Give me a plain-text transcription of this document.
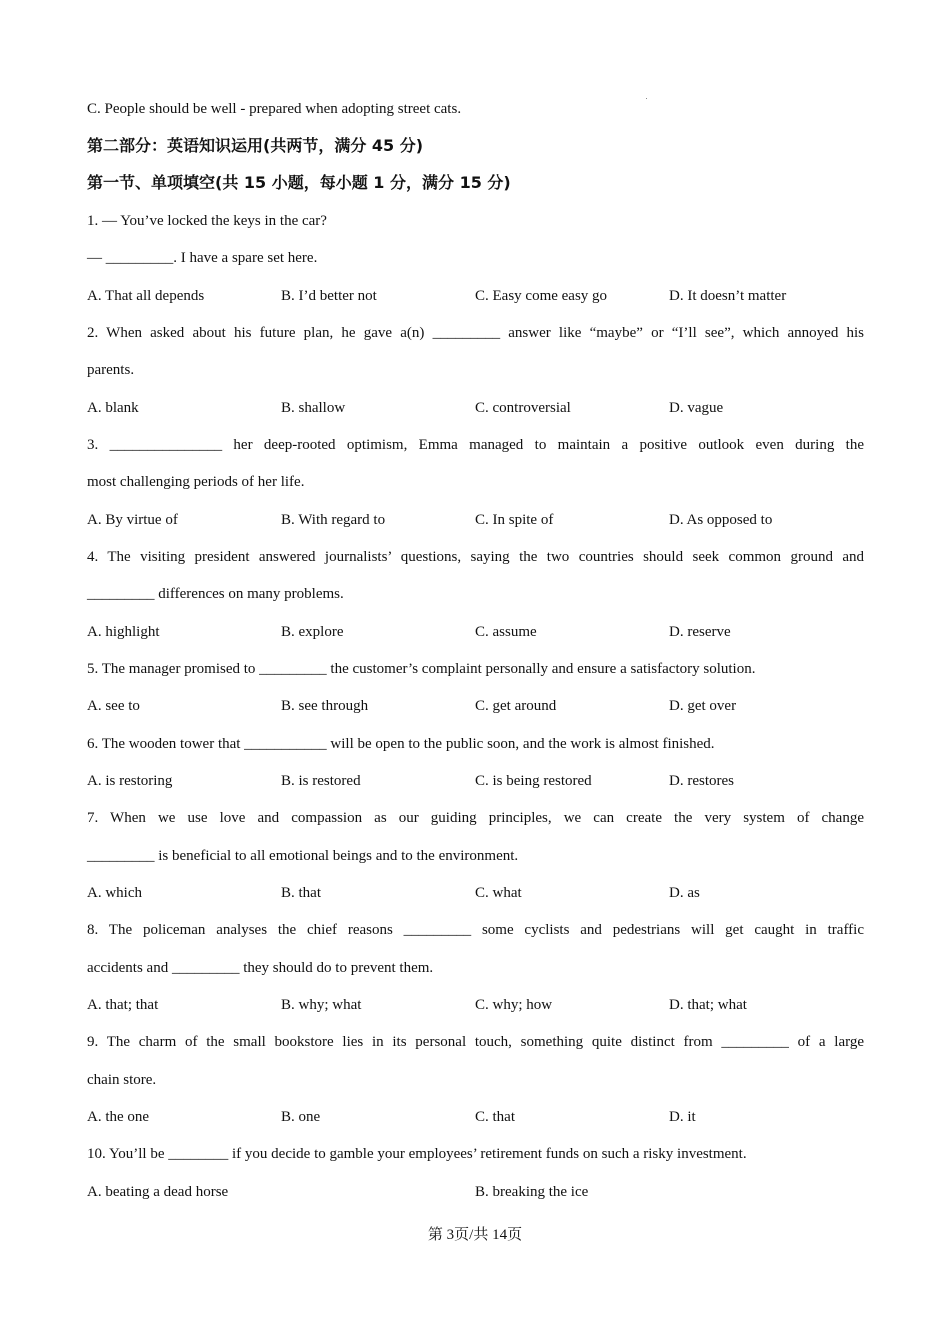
C. People should be well - prepared when adopting street cats.
第二部分：英语知识运用(共两节，满分 45 分)
第一节、单项填空(共 15 小题，每小题 1 分，满分 15 分)
1. — You’ve locked the keys in the car?
— _________. I have a spare set here.
A. That all depends	B. I’d better not	C. Easy come easy go	D. It doesn’t matter
2. When asked about his future plan, he gave a(n) _________ answer like “maybe” or “I’ll see”, which annoyed his
parents.
A. blank	B. shallow	C. controversial	D. vague
3. _______________ her deep-rooted optimism, Emma managed to maintain a positive outlook even during the
most challenging periods of her life.
A. By virtue of	B. With regard to	C. In spite of	D. As opposed to
4. The visiting president answered journalists’ questions, saying the two countries should seek common ground and
_________ differences on many problems.
A. highlight	B. explore	C. assume	D. reserve
5. The manager promised to _________ the customer’s complaint personally and ensure a satisfactory solution.
A. see to	B. see through	C. get around	D. get over
6. The wooden tower that ___________ will be open to the public soon, and the work is almost finished.
A. is restoring	B. is restored	C. is being restored	D. restores
7. When we use love and compassion as our guiding principles, we can create the very system of change
_________ is beneficial to all emotional beings and to the environment.
A. which	B. that	C. what	D. as
8. The policeman analyses the chief reasons _________ some cyclists and pedestrians will get caught in traffic
accidents and _________ they should do to prevent them.
A. that; that	B. why; what	C. why; how	D. that; what
9. The charm of the small bookstore lies in its personal touch, something quite distinct from _________ of a large
chain store.
A. the one	B. one	C. that	D. it
10. You’ll be ________ if you decide to gamble your employees’ retirement funds on such a risky investment.
A. beating a dead horse	B. breaking the ice
第 3页/共 14页
